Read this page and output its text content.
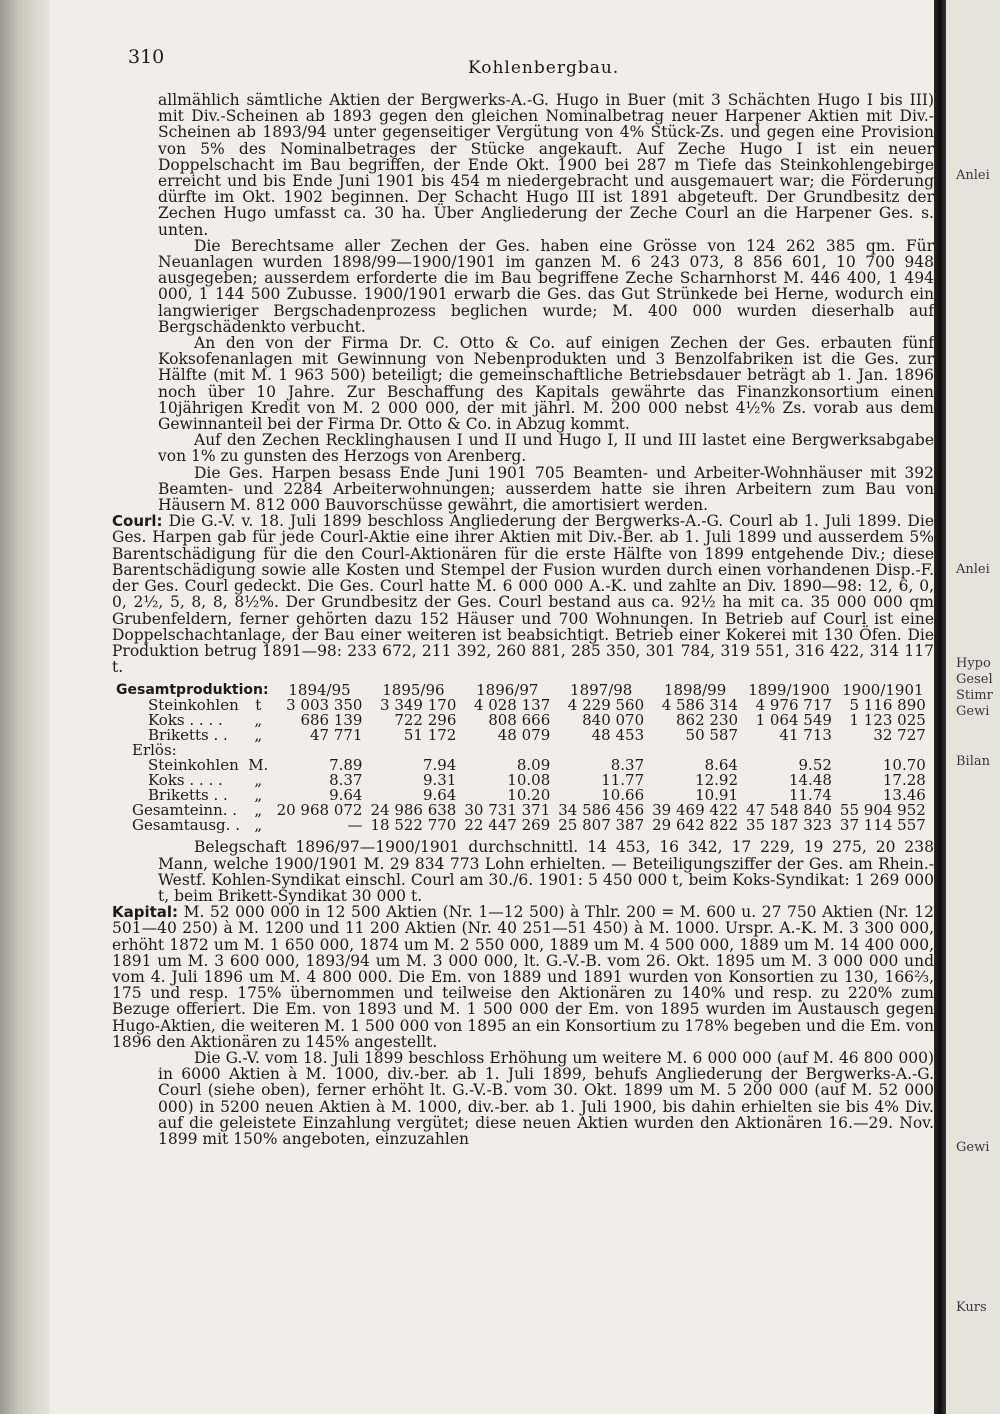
Anlei
Anlei
Hypo
Gesel
Stimr
Gewi
Bilan
Gewi
Kurs
310	Kohlenbergbau.

allmählich sämtliche Aktien der Bergwerks-A.-G. Hugo in Buer (mit 3 Schächten Hugo I bis III) mit Div.-Scheinen ab 1893 gegen den gleichen Nominalbetrag neuer Harpener Aktien mit Div.-Scheinen ab 1893/94 unter gegenseitiger Vergütung von 4% Stück-Zs. und gegen eine Provision von 5% des Nominalbetrages der Stücke angekauft. Auf Zeche Hugo I ist ein neuer Doppelschacht im Bau begriffen, der Ende Okt. 1900 bei 287 m Tiefe das Steinkohlengebirge erreicht und bis Ende Juni 1901 bis 454 m niedergebracht und ausgemauert war; die Förderung dürfte im Okt. 1902 beginnen. Der Schacht Hugo III ist 1891 abgeteuft. Der Grundbesitz der Zechen Hugo umfasst ca. 30 ha. Über Angliederung der Zeche Courl an die Harpener Ges. s. unten.

Die Berechtsame aller Zechen der Ges. haben eine Grösse von 124 262 385 qm. Für Neuanlagen wurden 1898/99—1900/1901 im ganzen M. 6 243 073, 8 856 601, 10 700 948 ausgegeben; ausserdem erforderte die im Bau begriffene Zeche Scharnhorst M. 446 400, 1 494 000, 1 144 500 Zubusse. 1900/1901 erwarb die Ges. das Gut Strünkede bei Herne, wodurch ein langwieriger Bergschadenprozess beglichen wurde; M. 400 000 wurden dieserhalb auf Bergschädenkto verbucht.

An den von der Firma Dr. C. Otto & Co. auf einigen Zechen der Ges. erbauten fünf Koksofenanlagen mit Gewinnung von Nebenprodukten und 3 Benzolfabriken ist die Ges. zur Hälfte (mit M. 1 963 500) beteiligt; die gemeinschaftliche Betriebsdauer beträgt ab 1. Jan. 1896 noch über 10 Jahre. Zur Beschaffung des Kapitals gewährte das Finanzkonsortium einen 10jährigen Kredit von M. 2 000 000, der mit jährl. M. 200 000 nebst 4½% Zs. vorab aus dem Gewinnanteil bei der Firma Dr. Otto & Co. in Abzug kommt.

Auf den Zechen Recklinghausen I und II und Hugo I, II und III lastet eine Bergwerksabgabe von 1% zu gunsten des Herzogs von Arenberg.

Die Ges. Harpen besass Ende Juni 1901 705 Beamten- und Arbeiter-Wohnhäuser mit 392 Beamten- und 2284 Arbeiterwohnungen; ausserdem hatte sie ihren Arbeitern zum Bau von Häusern M. 812 000 Bauvorschüsse gewährt, die amortisiert werden.

Courl: Die G.-V. v. 18. Juli 1899 beschloss Angliederung der Bergwerks-A.-G. Courl ab 1. Juli 1899. Die Ges. Harpen gab für jede Courl-Aktie eine ihrer Aktien mit Div.-Ber. ab 1. Juli 1899 und ausserdem 5% Barentschädigung für die den Courl-Aktionären für die erste Hälfte von 1899 entgehende Div.; diese Barentschädigung sowie alle Kosten und Stempel der Fusion wurden durch einen vorhandenen Disp.-F. der Ges. Courl gedeckt. Die Ges. Courl hatte M. 6 000 000 A.-K. und zahlte an Div. 1890—98: 12, 6, 0, 0, 2½, 5, 8, 8, 8½%. Der Grundbesitz der Ges. Courl bestand aus ca. 92½ ha mit ca. 35 000 000 qm Grubenfeldern, ferner gehörten dazu 152 Häuser und 700 Wohnungen. In Betrieb auf Courl ist eine Doppelschachtanlage, der Bau einer weiteren ist beabsichtigt. Betrieb einer Kokerei mit 130 Öfen. Die Produktion betrug 1891—98: 233 672, 211 392, 260 881, 285 350, 301 784, 319 551, 316 422, 314 117 t.

Gesamtproduktion:		1894/95	1895/96	1896/97	1897/98	1898/99	1899/1900	1900/1901
Steinkohlen	t	3 003 350	3 349 170	4 028 137	4 229 560	4 586 314	4 976 717	5 116 890
Koks . . . .	„	686 139	722 296	808 666	840 070	862 230	1 064 549	1 123 025
Briketts . .	„	47 771	51 172	48 079	48 453	50 587	41 713	32 727
Erlös:								
Steinkohlen	M.	7.89	7.94	8.09	8.37	8.64	9.52	10.70
Koks . . . .	„	8.37	9.31	10.08	11.77	12.92	14.48	17.28
Briketts . .	„	9.64	9.64	10.20	10.66	10.91	11.74	13.46
Gesamteinn. .	„	20 968 072	24 986 638	30 731 371	34 586 456	39 469 422	47 548 840	55 904 952
Gesamtausg. .	„	—	18 522 770	22 447 269	25 807 387	29 642 822	35 187 323	37 114 557

Belegschaft 1896/97—1900/1901 durchschnittl. 14 453, 16 342, 17 229, 19 275, 20 238 Mann, welche 1900/1901 M. 29 834 773 Lohn erhielten. — Beteiligungsziffer der Ges. am Rhein.-Westf. Kohlen-Syndikat einschl. Courl am 30./6. 1901: 5 450 000 t, beim Koks-Syndikat: 1 269 000 t, beim Brikett-Syndikat 30 000 t.

Kapital: M. 52 000 000 in 12 500 Aktien (Nr. 1—12 500) à Thlr. 200 = M. 600 u. 27 750 Aktien (Nr. 12 501—40 250) à M. 1200 und 11 200 Aktien (Nr. 40 251—51 450) à M. 1000. Urspr. A.-K. M. 3 300 000, erhöht 1872 um M. 1 650 000, 1874 um M. 2 550 000, 1889 um M. 4 500 000, 1889 um M. 14 400 000, 1891 um M. 3 600 000, 1893/94 um M. 3 000 000, lt. G.-V.-B. vom 26. Okt. 1895 um M. 3 000 000 und vom 4. Juli 1896 um M. 4 800 000. Die Em. von 1889 und 1891 wurden von Konsortien zu 130, 166⅔, 175 und resp. 175% übernommen und teilweise den Aktionären zu 140% und resp. zu 220% zum Bezuge offeriert. Die Em. von 1893 und M. 1 500 000 der Em. von 1895 wurden im Austausch gegen Hugo-Aktien, die weiteren M. 1 500 000 von 1895 an ein Konsortium zu 178% begeben und die Em. von 1896 den Aktionären zu 145% angestellt.

Die G.-V. vom 18. Juli 1899 beschloss Erhöhung um weitere M. 6 000 000 (auf M. 46 800 000) in 6000 Aktien à M. 1000, div.-ber. ab 1. Juli 1899, behufs Angliederung der Bergwerks-A.-G. Courl (siehe oben), ferner erhöht lt. G.-V.-B. vom 30. Okt. 1899 um M. 5 200 000 (auf M. 52 000 000) in 5200 neuen Aktien à M. 1000, div.-ber. ab 1. Juli 1900, bis dahin erhielten sie bis 4% Div. auf die geleistete Einzahlung vergütet; diese neuen Aktien wurden den Aktionären 16.—29. Nov. 1899 mit 150% angeboten, einzuzahlen
